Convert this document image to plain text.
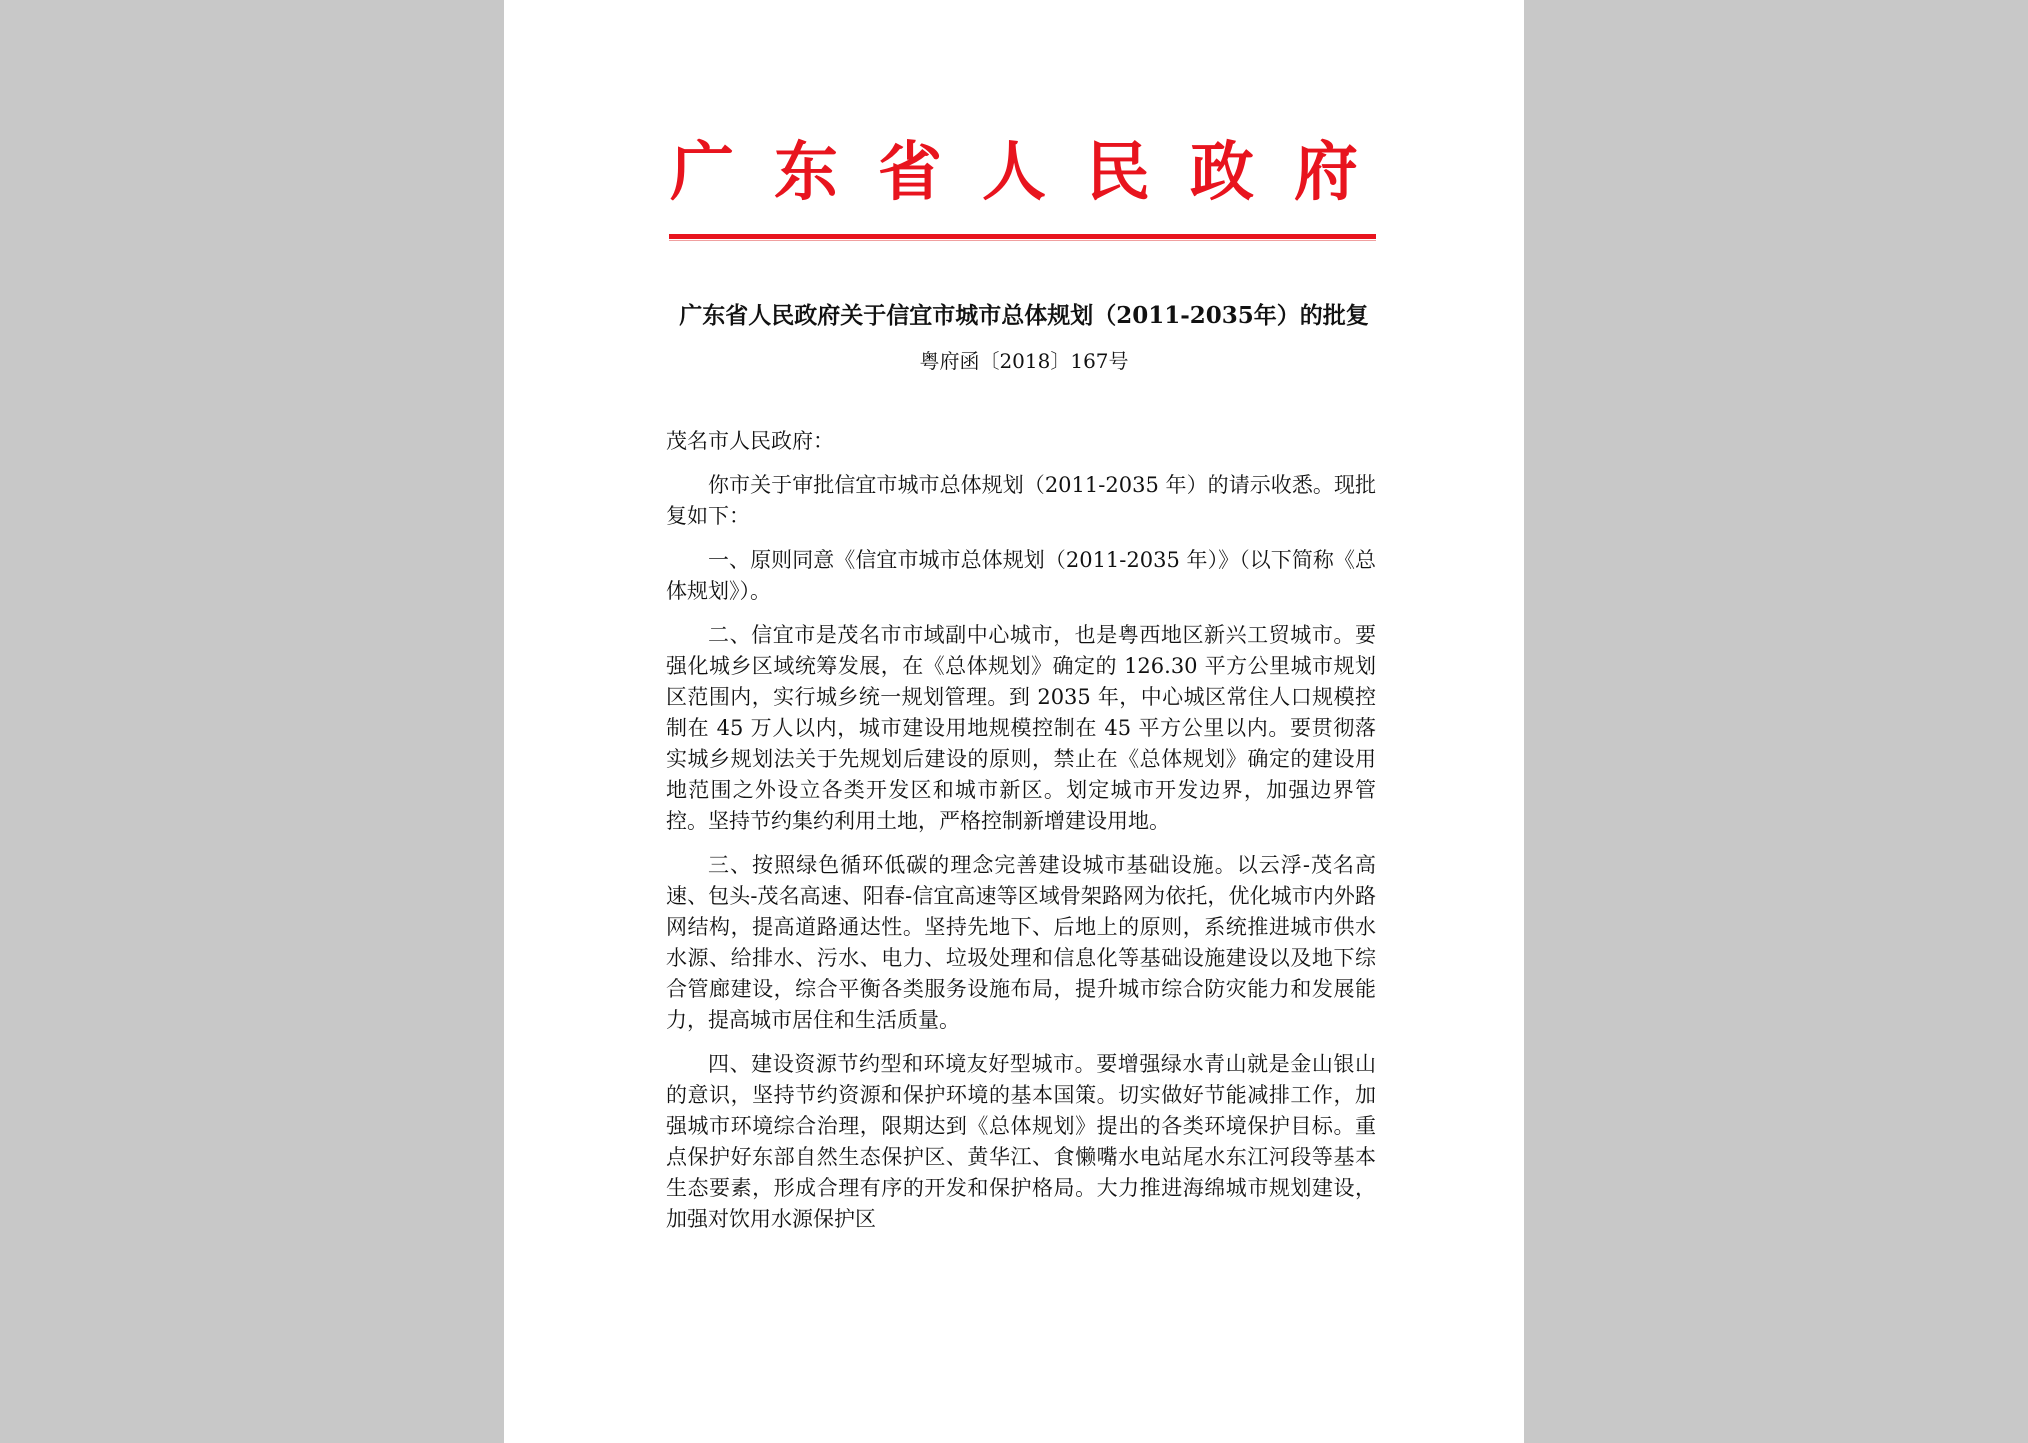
广东省人民政府
广东省人民政府关于信宜市城市总体规划（2011-2035年）的批复
粤府函〔2018〕167号

茂名市人民政府：

你市关于审批信宜市城市总体规划（2011-2035 年）的请示收悉。现批复如下：

一、原则同意《信宜市城市总体规划（2011-2035 年）》（以下简称《总体规划》）。

二、信宜市是茂名市市域副中心城市，也是粤西地区新兴工贸城市。要强化城乡区域统筹发展，在《总体规划》确定的 126.30 平方公里城市规划区范围内，实行城乡统一规划管理。到 2035 年，中心城区常住人口规模控制在 45 万人以内，城市建设用地规模控制在 45 平方公里以内。要贯彻落实城乡规划法关于先规划后建设的原则，禁止在《总体规划》确定的建设用地范围之外设立各类开发区和城市新区。划定城市开发边界，加强边界管控。坚持节约集约利用土地，严格控制新增建设用地。

三、按照绿色循环低碳的理念完善建设城市基础设施。以云浮-茂名高速、包头-茂名高速、阳春-信宜高速等区域骨架路网为依托，优化城市内外路网结构，提高道路通达性。坚持先地下、后地上的原则，系统推进城市供水水源、给排水、污水、电力、垃圾处理和信息化等基础设施建设以及地下综合管廊建设，综合平衡各类服务设施布局，提升城市综合防灾能力和发展能力，提高城市居住和生活质量。

四、建设资源节约型和环境友好型城市。要增强绿水青山就是金山银山的意识，坚持节约资源和保护环境的基本国策。切实做好节能减排工作，加强城市环境综合治理，限期达到《总体规划》提出的各类环境保护目标。重点保护好东部自然生态保护区、黄华江、食懒嘴水电站尾水东江河段等基本生态要素，形成合理有序的开发和保护格局。大力推进海绵城市规划建设，加强对饮用水源保护区
